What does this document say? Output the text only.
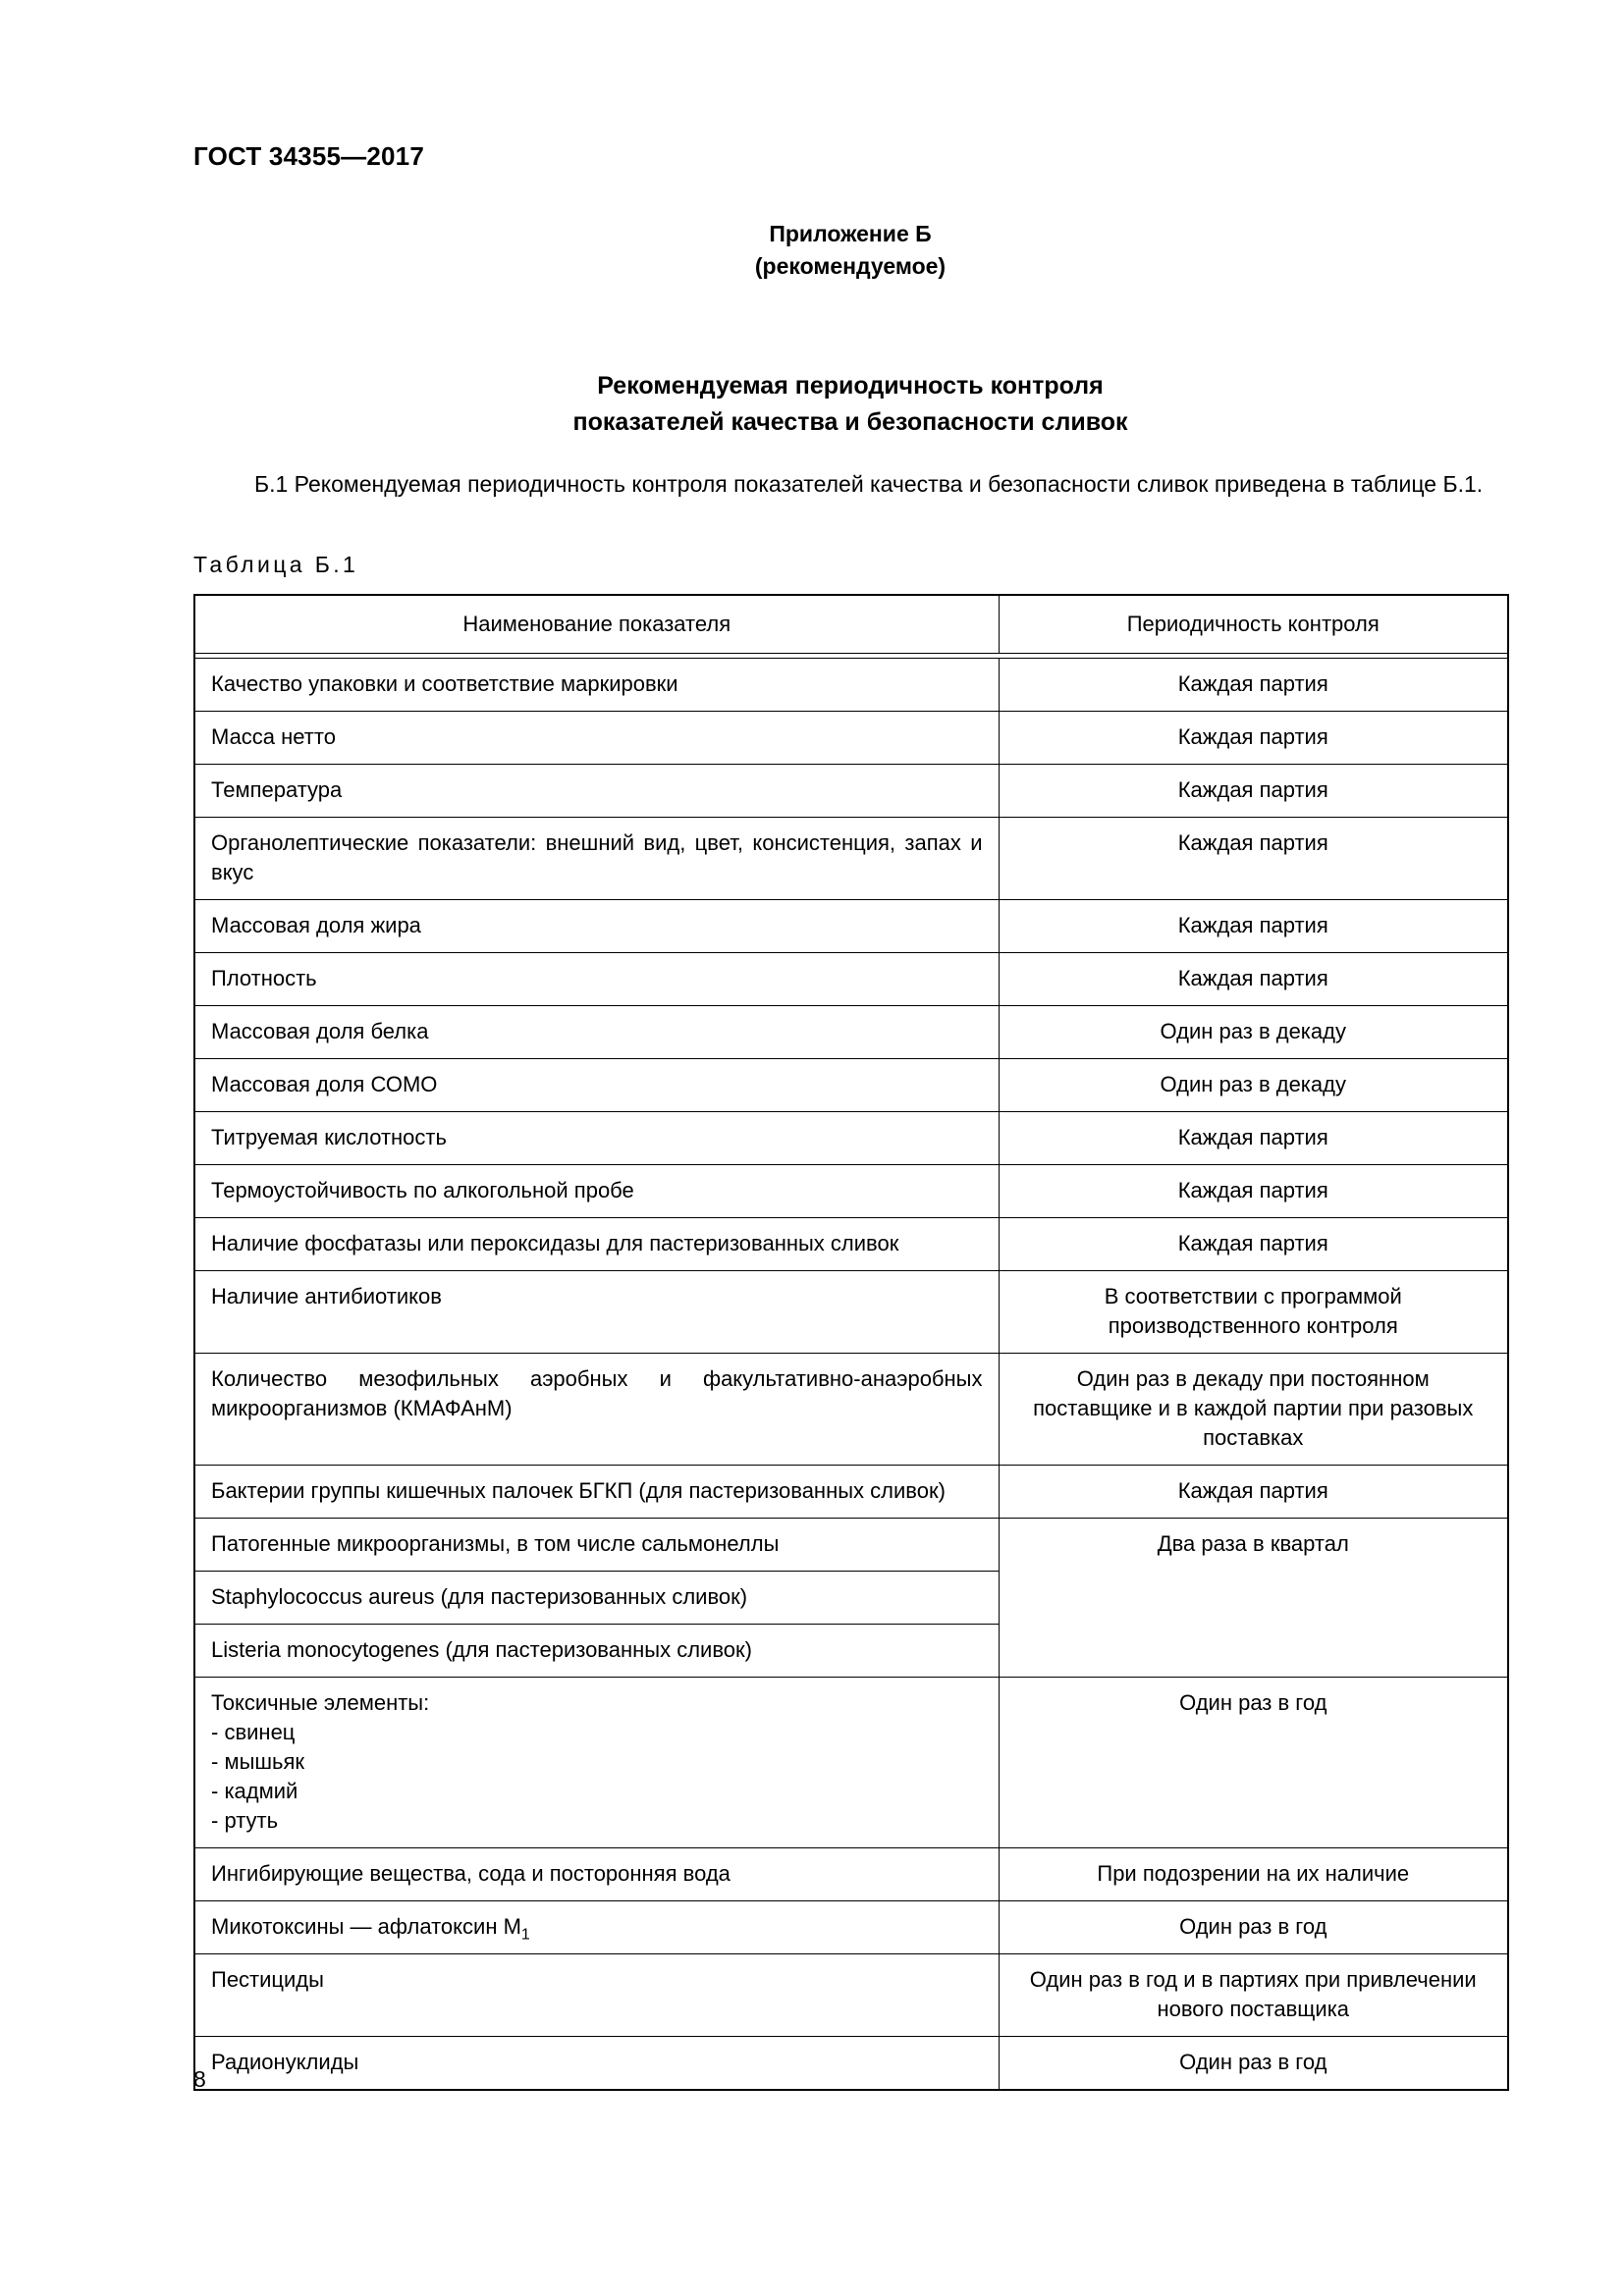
ГОСТ 34355—2017
Приложение Б
(рекомендуемое)
Рекомендуемая периодичность контроля
показателей качества и безопасности сливок
Б.1 Рекомендуемая периодичность контроля показателей качества и безопасности сливок приведена в таблице Б.1.
Таблица Б.1
Наименование показателя	Периодичность контроля

Качество упаковки и соответствие маркировки	Каждая партия
Масса нетто	Каждая партия
Температура	Каждая партия
Органолептические показатели: внешний вид, цвет, консистенция, запах и вкус	Каждая партия
Массовая доля жира	Каждая партия
Плотность	Каждая партия
Массовая доля белка	Один раз в декаду
Массовая доля СОМО	Один раз в декаду
Титруемая кислотность	Каждая партия
Термоустойчивость по алкогольной пробе	Каждая партия
Наличие фосфатазы или пероксидазы для пастеризованных сливок	Каждая партия
Наличие антибиотиков	В соответствии с программой производственного контроля
Количество мезофильных аэробных и факультативно-анаэробных микроорганизмов (КМАФАнМ)	Один раз в декаду при постоянном поставщике и в каждой партии при разовых поставках
Бактерии группы кишечных палочек БГКП (для пастеризованных сливок)	Каждая партия
Патогенные микроорганизмы, в том числе сальмонеллы	Два раза в квартал
Staphylococcus aureus (для пастеризованных сливок)	
Listeria monocytogenes (для пастеризованных сливок)	

Токсичные элементы:
- свинец
- мышьяк
- кадмий
- ртуть	Один раз в год
Ингибирующие вещества, сода и посторонняя вода	При подозрении на их наличие
Микотоксины — афлатоксин $M_1$	Один раз в год
Пестициды	Один раз в год и в партиях при привлечении нового поставщика
Радионуклиды	Один раз в год
8
